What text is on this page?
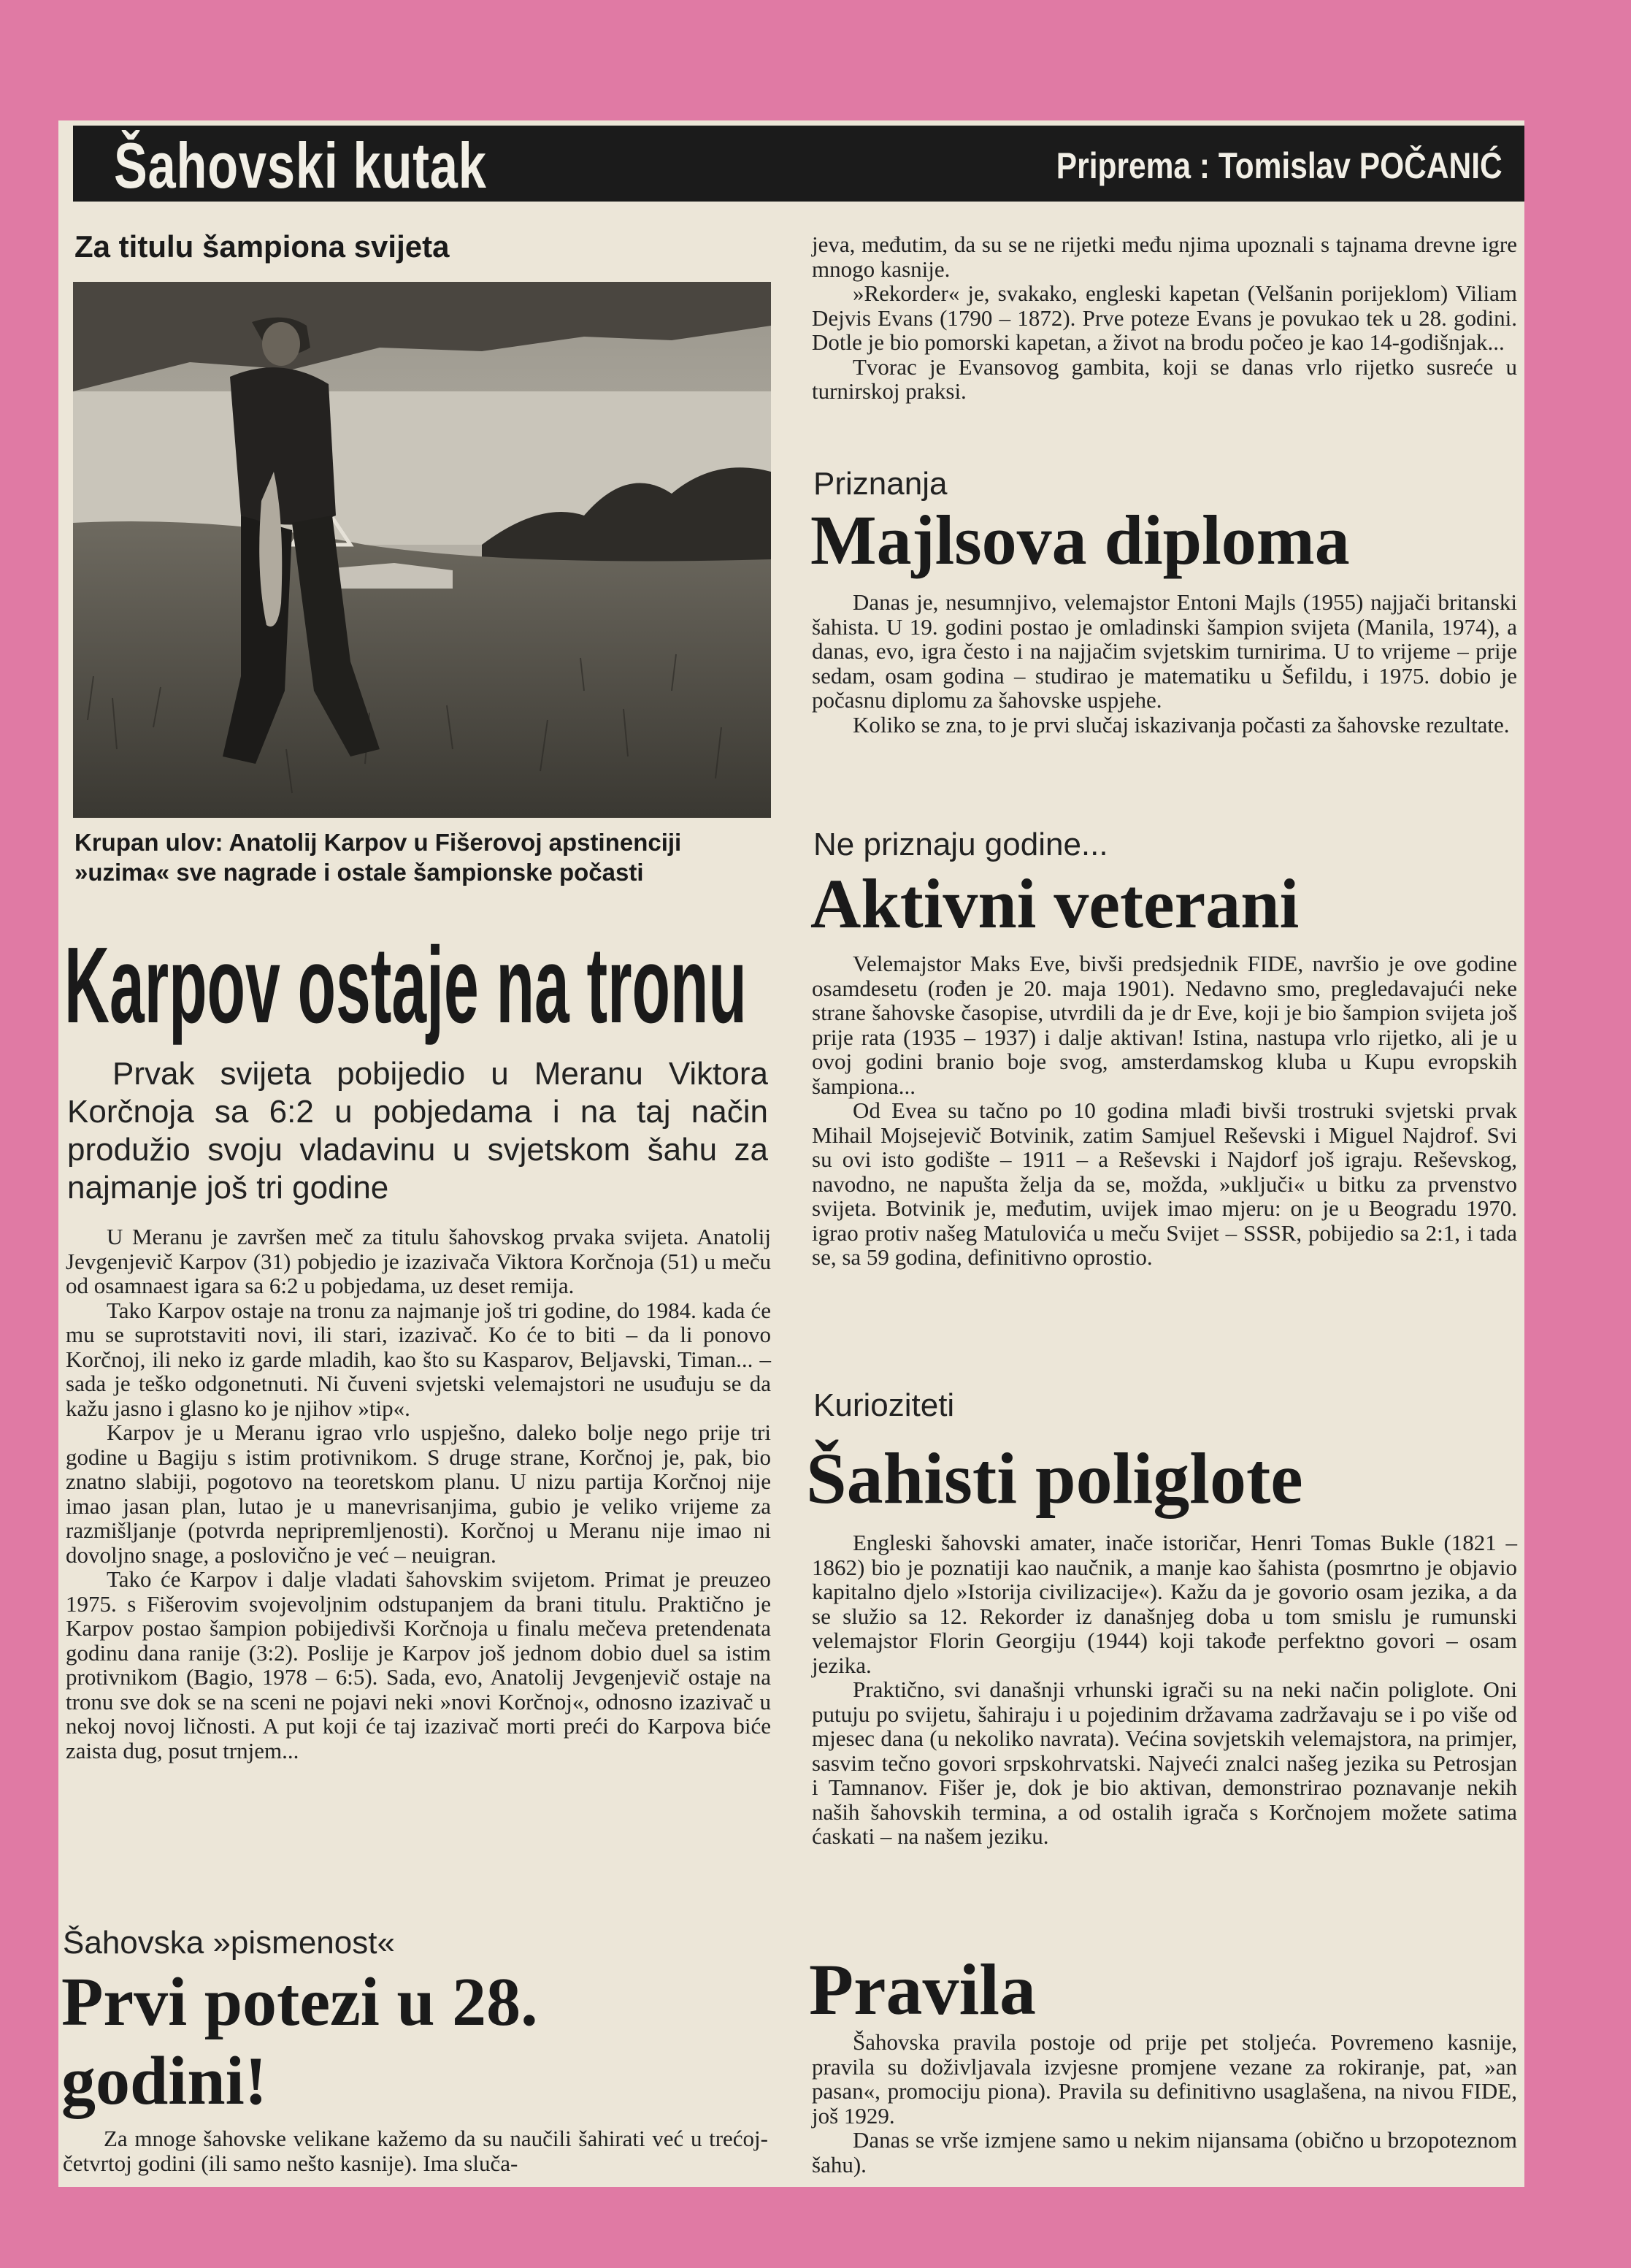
Šahovski kutak	Priprema : Tomislav POČANIĆ
Za titulu šampiona svijeta
Krupan ulov: Anatolij Karpov u Fišerovoj apstinenciji »uzima« sve nagrade i ostale šampionske počasti
Karpov ostaje na tronu
Prvak svijeta pobijedio u Meranu Viktora Korčnoja sa 6:2 u pobjedama i na taj način produžio svoju vladavinu u svjetskom šahu za najmanje još tri godine

U Meranu je završen meč za titulu šahovskog prvaka svijeta. Anatolij Jevgenjevič Karpov (31) pobjedio je izazivača Viktora Korčnoja (51) u meču od osamnaest igara sa 6:2 u pobjedama, uz deset remija.

Tako Karpov ostaje na tronu za najmanje još tri godine, do 1984. kada će mu se suprotstaviti novi, ili stari, izazivač. Ko će to biti – da li ponovo Korčnoj, ili neko iz garde mladih, kao što su Kasparov, Beljavski, Timan... – sada je teško odgonetnuti. Ni čuveni svjetski velemajstori ne usuđuju se da kažu jasno i glasno ko je njihov »tip«.

Karpov je u Meranu igrao vrlo uspješno, daleko bolje nego prije tri godine u Bagiju s istim protivnikom. S druge strane, Korčnoj je, pak, bio znatno slabiji, pogotovo na teoretskom planu. U nizu partija Korčnoj nije imao jasan plan, lutao je u manevrisanjima, gubio je veliko vrijeme za razmišljanje (potvrda nepripremljenosti). Korčnoj u Meranu nije imao ni dovoljno snage, a poslovično je već – neuigran.

Tako će Karpov i dalje vladati šahovskim svijetom. Primat je preuzeo 1975. s Fišerovim svojevoljnim odstupanjem da brani titulu. Praktično je Karpov postao šampion pobijedivši Korčnoja u finalu mečeva pretendenata godinu dana ranije (3:2). Poslije je Karpov još jednom dobio duel sa istim protivnikom (Bagio, 1978 – 6:5). Sada, evo, Anatolij Jevgenjevič ostaje na tronu sve dok se na sceni ne pojavi neki »novi Korčnoj«, odnosno izazivač u nekoj novoj ličnosti. A put koji će taj izazivač morti preći do Karpova biće zaista dug, posut trnjem...

Šahovska »pismenost«
Prvi potezi u 28.
godini!

Za mnoge šahovske velikane kažemo da su naučili šahirati već u trećoj-četvrtoj godini (ili samo nešto kasnije). Ima sluča-

jeva, međutim, da su se ne rijetki među njima upoznali s tajnama drevne igre mnogo kasnije.

»Rekorder« je, svakako, engleski kapetan (Velšanin porijeklom) Viliam Dejvis Evans (1790 – 1872). Prve poteze Evans je povukao tek u 28. godini. Dotle je bio pomorski kapetan, a život na brodu počeo je kao 14-godišnjak...

Tvorac je Evansovog gambita, koji se danas vrlo rijetko susreće u turnirskoj praksi.

Priznanja
Majlsova diploma

Danas je, nesumnjivo, velemajstor Entoni Majls (1955) najjači britanski šahista. U 19. godini postao je omladinski šampion svijeta (Manila, 1974), a danas, evo, igra često i na najjačim svjetskim turnirima. U to vrijeme – prije sedam, osam godina – studirao je matematiku u Šefildu, i 1975. dobio je počasnu diplomu za šahovske uspjehe.

Koliko se zna, to je prvi slučaj iskazivanja počasti za šahovske rezultate.

Ne priznaju godine...
Aktivni veterani

Velemajstor Maks Eve, bivši predsjednik FIDE, navršio je ove godine osamdesetu (rođen je 20. maja 1901). Nedavno smo, pregledavajući neke strane šahovske časopise, utvrdili da je dr Eve, koji je bio šampion svijeta još prije rata (1935 – 1937) i dalje aktivan! Istina, nastupa vrlo rijetko, ali je u ovoj godini branio boje svog, amsterdamskog kluba u Kupu evropskih šampiona...

Od Evea su tačno po 10 godina mlađi bivši trostruki svjetski prvak Mihail Mojsejevič Botvinik, zatim Samjuel Reševski i Miguel Najdrof. Svi su ovi isto godište – 1911 – a Reševski i Najdorf još igraju. Reševskog, navodno, ne napušta želja da se, možda, »uključi« u bitku za prvenstvo svijeta. Botvinik je, međutim, uvijek imao mjeru: on je u Beogradu 1970. igrao protiv našeg Matulovića u meču Svijet – SSSR, pobijedio sa 2:1, i tada se, sa 59 godina, definitivno oprostio.

Kurioziteti
Šahisti poliglote

Engleski šahovski amater, inače istoričar, Henri Tomas Bukle (1821 – 1862) bio je poznatiji kao naučnik, a manje kao šahista (posmrtno je objavio kapitalno djelo »Istorija civilizacije«). Kažu da je govorio osam jezika, a da se služio sa 12. Rekorder iz današnjeg doba u tom smislu je rumunski velemajstor Florin Georgiju (1944) koji takođe perfektno govori – osam jezika.

Praktično, svi današnji vrhunski igrači su na neki način poliglote. Oni putuju po svijetu, šahiraju i u pojedinim državama zadržavaju se i po više od mjesec dana (u nekoliko navrata). Većina sovjetskih velemajstora, na primjer, sasvim tečno govori srpskohrvatski. Najveći znalci našeg jezika su Petrosjan i Tamnanov. Fišer je, dok je bio aktivan, demonstrirao poznavanje nekih naših šahovskih termina, a od ostalih igrača s Korčnojem možete satima ćaskati – na našem jeziku.

Pravila

Šahovska pravila postoje od prije pet stoljeća. Povremeno kasnije, pravila su doživljavala izvjesne promjene vezane za rokiranje, pat, »an pasan«, promociju piona). Pravila su definitivno usaglašena, na nivou FIDE, još 1929.

Danas se vrše izmjene samo u nekim nijansama (obično u brzopoteznom šahu).
